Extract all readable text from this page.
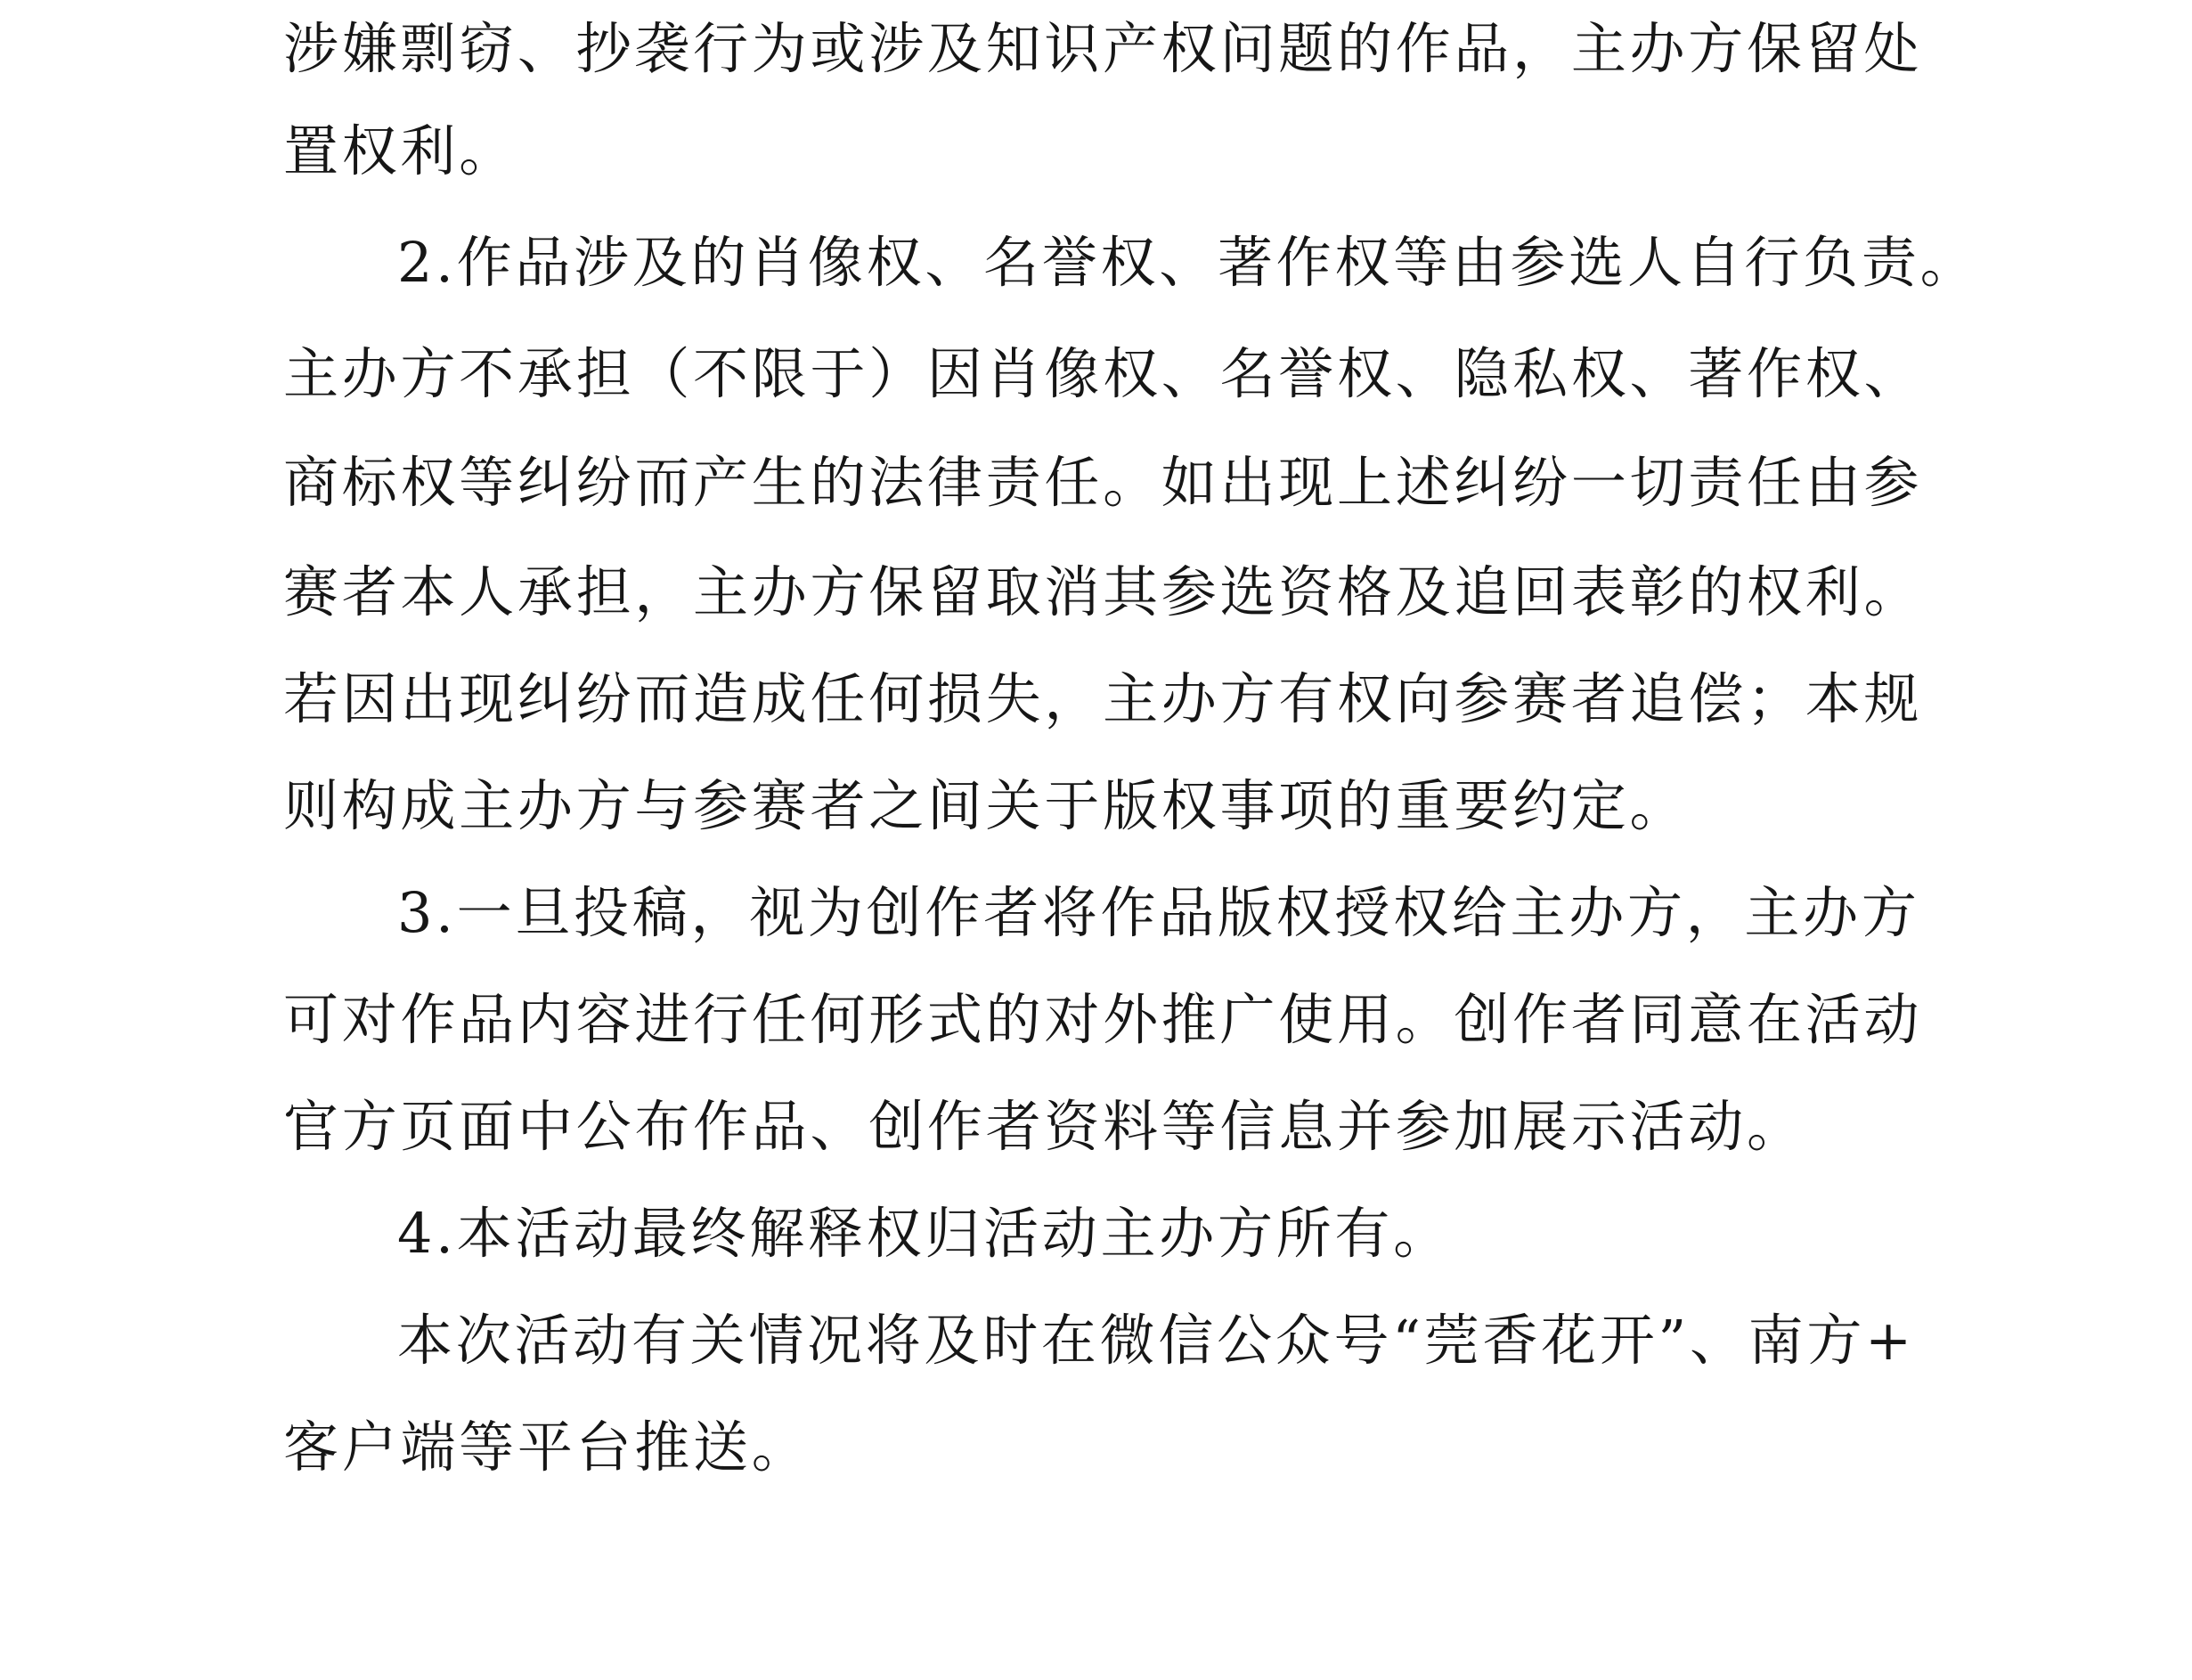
涉嫌剽窃、抄袭行为或涉及知识产权问题的作品，主办方保留处
置权利。
2.作品涉及的肖像权、名誉权、著作权等由参选人自行负责。
主办方不承担（不限于）因肖像权、名誉权、隐私权、著作权、
商标权等纠纷而产生的法律责任。如出现上述纠纷一切责任由参
赛者本人承担，主办方保留取消其参选资格及追回表彰的权利。
若因出现纠纷而造成任何损失，主办方有权向参赛者追偿；本规
则构成主办方与参赛者之间关于版权事项的重要约定。
3.一旦投稿，视为创作者将作品版权授权给主办方，主办方
可对作品内容进行任何形式的对外推广使用。创作者同意在活动
官方页面中公布作品、创作者资料等信息并参加展示活动。
4.本活动最终解释权归活动主办方所有。
本次活动有关情况将及时在微信公众号“莞香花开”、南方+
客户端等平台推送。
